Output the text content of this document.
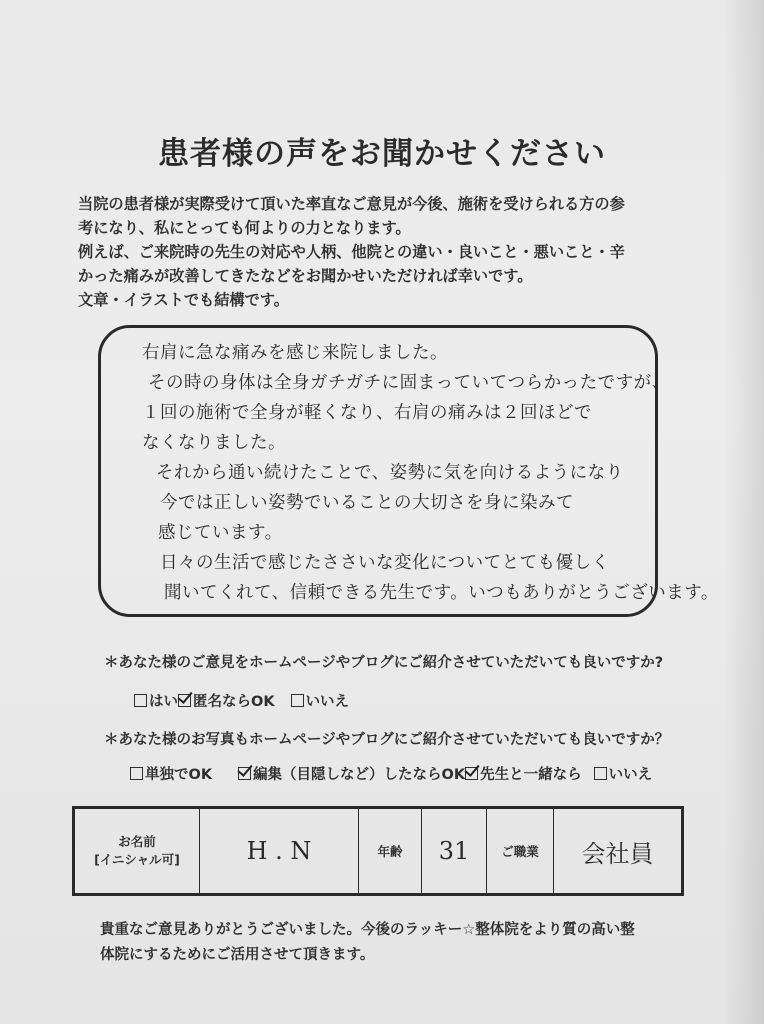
患者様の声をお聞かせください
当院の患者様が実際受けて頂いた率直なご意見が今後、施術を受けられる方の参
考になり、私にとっても何よりの力となります。
例えば、ご来院時の先生の対応や人柄、他院との違い・良いこと・悪いこと・辛
かった痛みが改善してきたなどをお聞かせいただければ幸いです。
文章・イラストでも結構です。
右肩に急な痛みを感じ来院しました。
その時の身体は全身ガチガチに固まっていてつらかったですが、
１回の施術で全身が軽くなり、右肩の痛みは２回ほどで
なくなりました。
それから通い続けたことで、姿勢に気を向けるようになり
今では正しい姿勢でいることの大切さを身に染みて
感じています。
日々の生活で感じたささいな変化についてとても優しく
聞いてくれて、信頼できる先生です。いつもありがとうございます。
＊あなた様のご意見をホームページやブログにご紹介させていただいても良いですか?
はい 匿名ならOK いいえ
＊あなた様のお写真もホームページやブログにご紹介させていただいても良いですか？
単独でOK	編集（目隠しなど）したならOK 先生と一緒なら いいえ
お名前
[イニシャル可]	H . N	年齢	31	ご職業	会社員
貴重なご意見ありがとうございました。今後のラッキー☆整体院をより質の高い整
体院にするためにご活用させて頂きます。
